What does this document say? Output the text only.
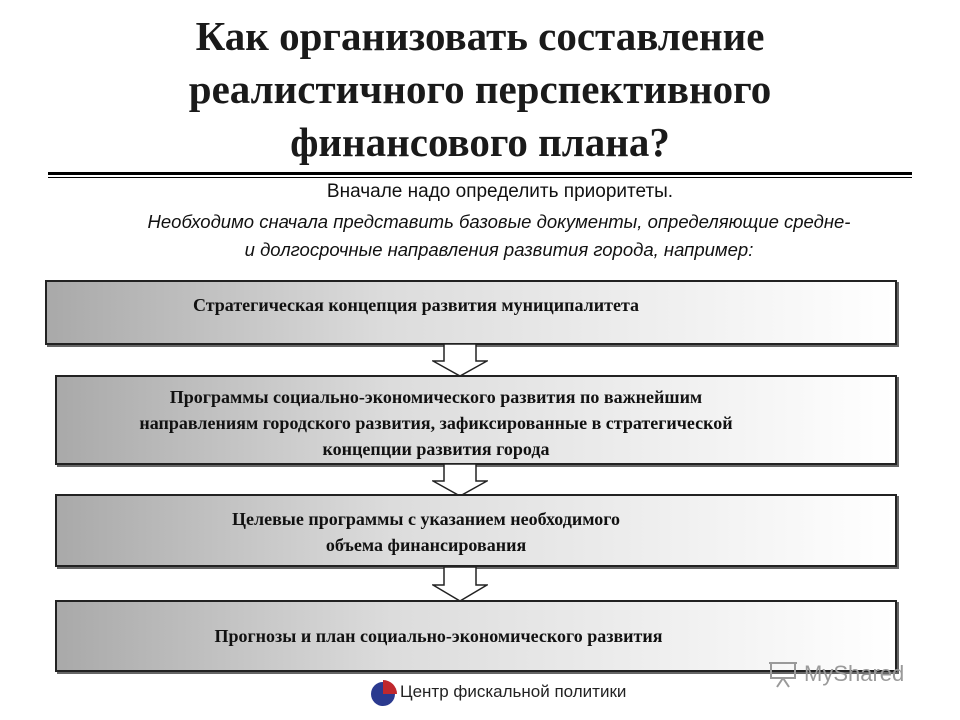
Как организовать составление
реалистичного перспективного
финансового плана?
Вначале надо определить приоритеты.
Необходимо сначала представить базовые документы, определяющие средне-
и долгосрочные направления развития города, например:
Стратегическая концепция развития муниципалитета
Программы социально-экономического развития по важнейшим
направлениям городского развития, зафиксированные в стратегической
концепции развития города
Целевые программы с указанием необходимого
объема финансирования
Прогнозы и план социально-экономического развития
Центр фискальной политики
MyShared
